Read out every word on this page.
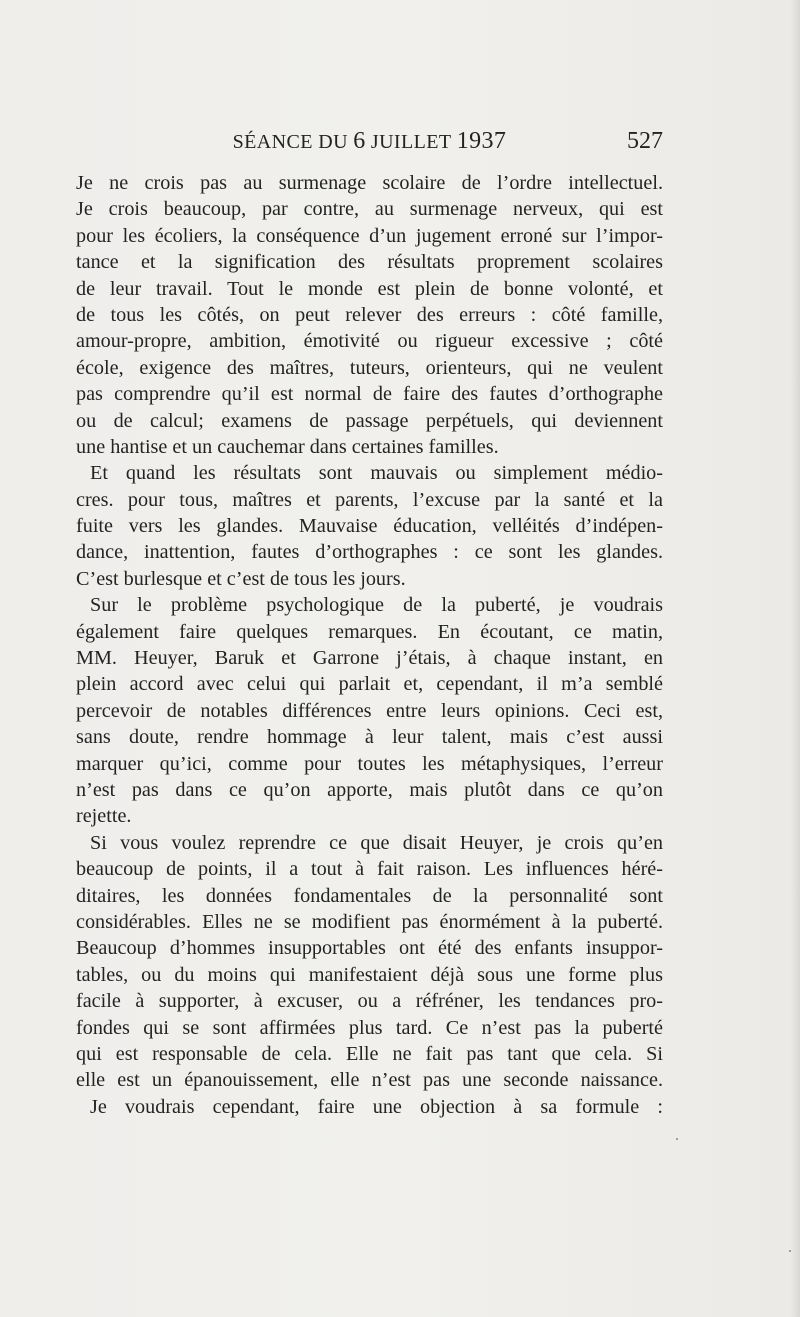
SÉANCE DU 6 JUILLET 1937	527
Je ne crois pas au surmenage scolaire de l’ordre intellectuel.
Je crois beaucoup, par contre, au surmenage nerveux, qui est
pour les écoliers, la conséquence d’un jugement erroné sur l’impor-
tance et la signification des résultats proprement scolaires
de leur travail. Tout le monde est plein de bonne volonté, et
de tous les côtés, on peut relever des erreurs : côté famille,
amour-propre, ambition, émotivité ou rigueur excessive ; côté
école, exigence des maîtres, tuteurs, orienteurs, qui ne veulent
pas comprendre qu’il est normal de faire des fautes d’orthographe
ou de calcul; examens de passage perpétuels, qui deviennent
une hantise et un cauchemar dans certaines familles.
Et quand les résultats sont mauvais ou simplement médio-
cres. pour tous, maîtres et parents, l’excuse par la santé et la
fuite vers les glandes. Mauvaise éducation, velléités d’indépen-
dance, inattention, fautes d’orthographes : ce sont les glandes.
C’est burlesque et c’est de tous les jours.
Sur le problème psychologique de la puberté, je voudrais
également faire quelques remarques. En écoutant, ce matin,
MM. Heuyer, Baruk et Garrone j’étais, à chaque instant, en
plein accord avec celui qui parlait et, cependant, il m’a semblé
percevoir de notables différences entre leurs opinions. Ceci est,
sans doute, rendre hommage à leur talent, mais c’est aussi
marquer qu’ici, comme pour toutes les métaphysiques, l’erreur
n’est pas dans ce qu’on apporte, mais plutôt dans ce qu’on
rejette.
Si vous voulez reprendre ce que disait Heuyer, je crois qu’en
beaucoup de points, il a tout à fait raison. Les influences héré-
ditaires, les données fondamentales de la personnalité sont
considérables. Elles ne se modifient pas énormément à la puberté.
Beaucoup d’hommes insupportables ont été des enfants insuppor-
tables, ou du moins qui manifestaient déjà sous une forme plus
facile à supporter, à excuser, ou a réfréner, les tendances pro-
fondes qui se sont affirmées plus tard. Ce n’est pas la puberté
qui est responsable de cela. Elle ne fait pas tant que cela. Si
elle est un épanouissement, elle n’est pas une seconde naissance.
Je voudrais cependant, faire une objection à sa formule :
